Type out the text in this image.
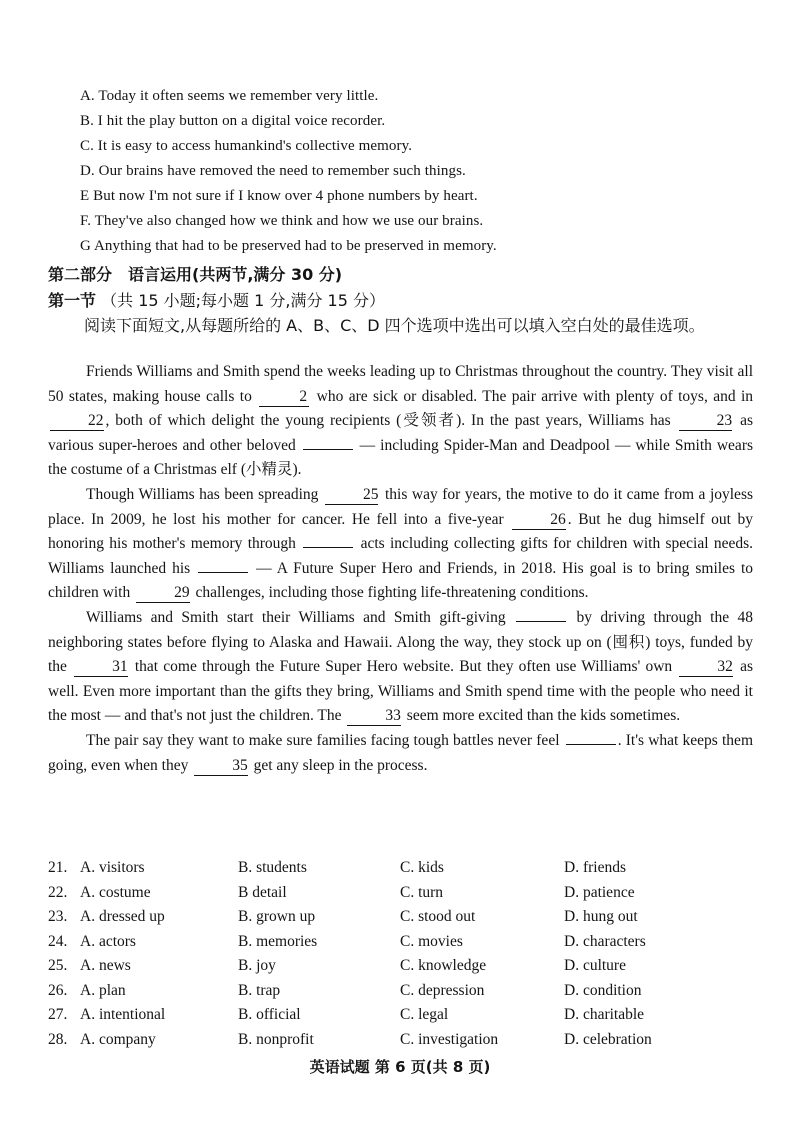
A. Today it often seems we remember very little.
B. I hit the play button on a digital voice recorder.
C. It is easy to access humankind's collective memory.
D. Our brains have removed the need to remember such things.
E But now I'm not sure if I know over 4 phone numbers by heart.
F. They've also changed how we think and how we use our brains.
G Anything that had to be preserved had to be preserved in memory.
第二部分　语言运用(共两节,满分 30 分)
第一节 （共 15 小题;每小题 1 分,满分 15 分）
阅读下面短文,从每题所给的 A、B、C、D 四个选项中选出可以填入空白处的最佳选项。

Friends Williams and Smith spend the weeks leading up to Christmas throughout the country. They visit all 50 states, making house calls to	2 who are sick or disabled. The pair arrive with plenty of toys, and in 22 , both of which delight the young recipients (受领者). In the past years, Williams has	23 as various super-heroes and other beloved	— including Spider-Man and Deadpool — while Smith wears the costume of a Christmas elf (小精灵).

Though Williams has been spreading	25 this way for years, the motive to do it came from a joyless place. In 2009, he lost his mother for cancer. He fell into a five-year	26 . But he dug himself out by honoring his mother's memory through	acts including collecting gifts for children with special needs. Williams launched his	— A Future Super Hero and Friends, in 2018. His goal is to bring smiles to children with	29 challenges, including those fighting life-threatening conditions.

Williams and Smith start their Williams and Smith gift-giving	by driving through the 48 neighboring states before flying to Alaska and Hawaii. Along the way, they stock up on (囤积) toys, funded by the	31 that come through the Future Super Hero website. But they often use Williams' own	32 as well. Even more important than the gifts they bring, Williams and Smith spend time with the people who need it the most — and that's not just the children. The	33 seem more excited than the kids sometimes.

The pair say they want to make sure families facing tough battles never feel	. It's what keeps them going, even when they	35 get any sleep in the process.

21. A. visitors	B. students	C. kids	D. friends
22. A. costume	B detail	C. turn	D. patience
23. A. dressed up	B. grown up	C. stood out	D. hung out
24. A. actors	B. memories	C. movies	D. characters
25. A. news	B. joy	C. knowledge	D. culture
26. A. plan	B. trap	C. depression	D. condition
27. A. intentional	B. official	C. legal	D. charitable
28. A. company	B. nonprofit	C. investigation	D. celebration
英语试题 第 6 页(共 8 页)
